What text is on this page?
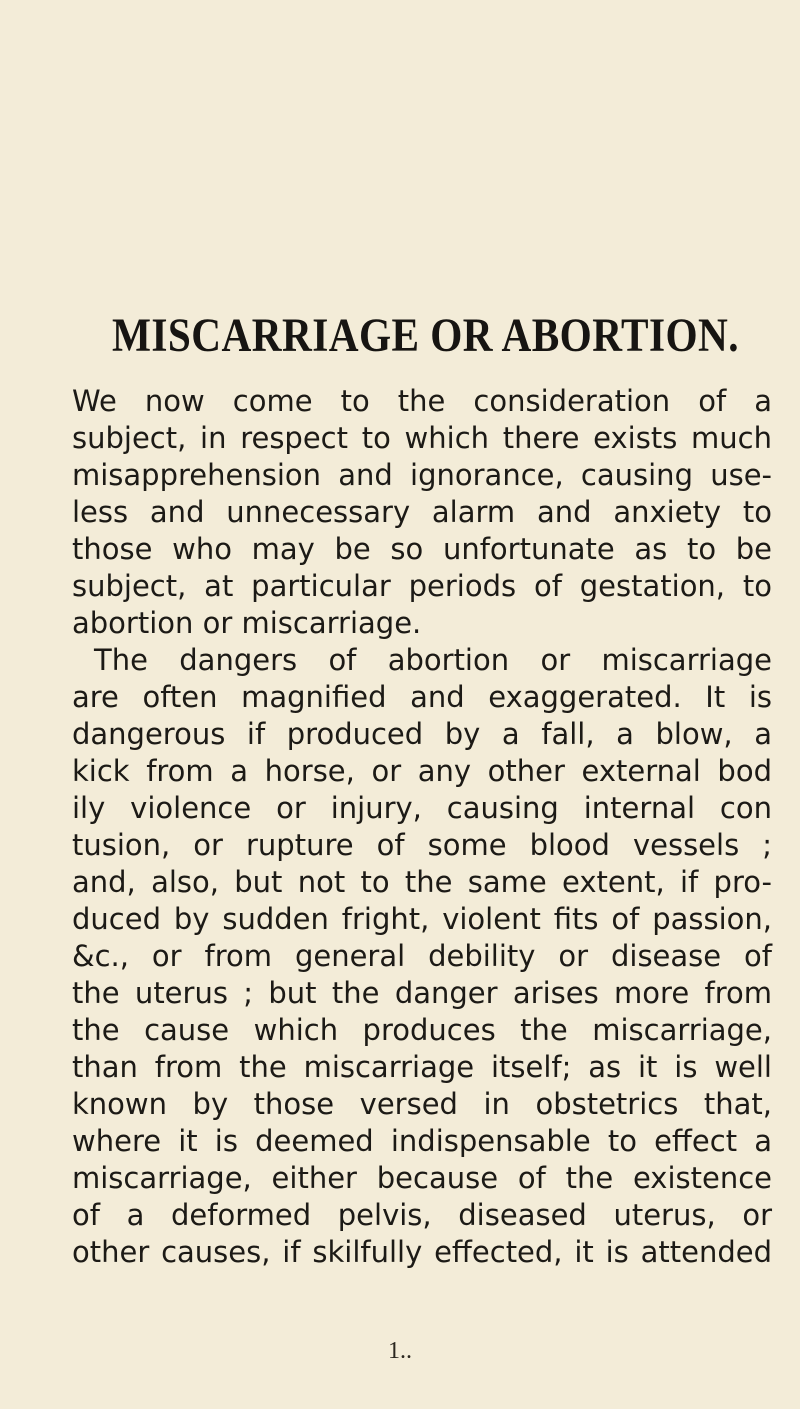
MISCARRIAGE OR ABORTION.
We now come to the consideration of a
subject, in respect to which there exists much
misapprehension and ignorance, causing use-
less and unnecessary alarm and anxiety to
those who may be so unfortunate as to be
subject, at particular periods of gestation, to
abortion or miscarriage.
The dangers of abortion or miscarriage
are often magnified and exaggerated. It is
dangerous if produced by a fall, a blow, a
kick from a horse, or any other external bod
ily violence or injury, causing internal con
tusion, or rupture of some blood vessels ;
and, also, but not to the same extent, if pro-
duced by sudden fright, violent fits of passion,
&c., or from general debility or disease of
the uterus ; but the danger arises more from
the cause which produces the miscarriage,
than from the miscarriage itself; as it is well
known by those versed in obstetrics that,
where it is deemed indispensable to effect a
miscarriage, either because of the existence
of a deformed pelvis, diseased uterus, or
other causes, if skilfully effected, it is attended
1..
